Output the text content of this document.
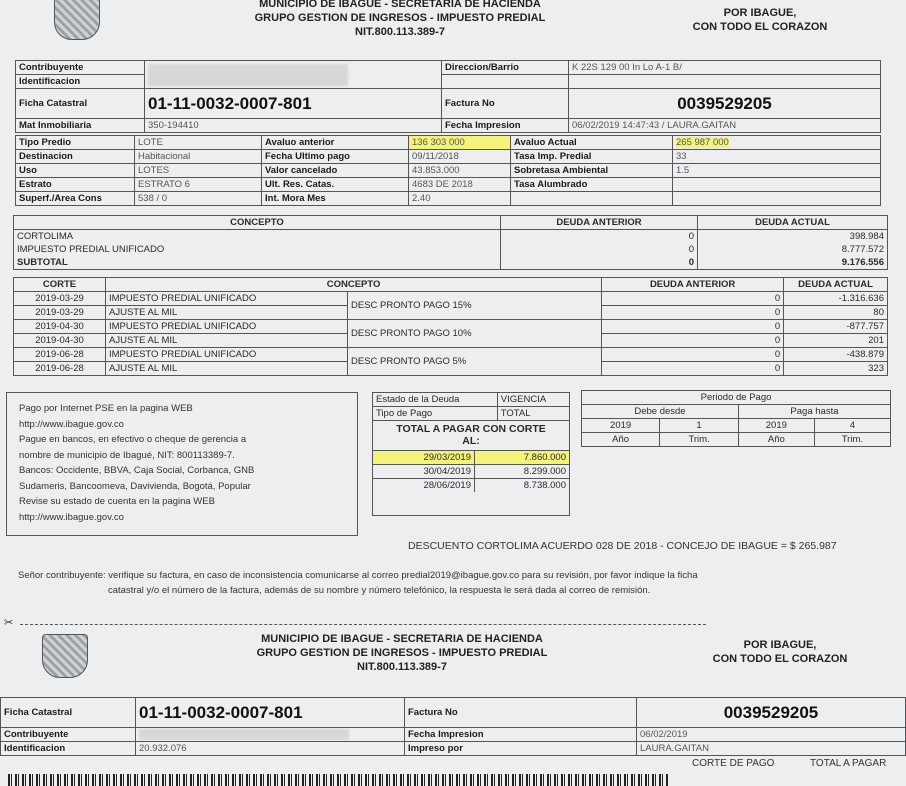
MUNICIPIO DE IBAGUE - SECRETARIA DE HACIENDA
GRUPO GESTION DE INGRESOS - IMPUESTO PREDIAL
NIT.800.113.389-7
POR IBAGUE,
CON TODO EL CORAZON
Contribuyente		Direccion/Barrio	K 22S 129 00 In Lo A-1 B/
Identificacion			
Ficha Catastral	01-11-0032-0007-801	Factura No	0039529205
Mat Inmobiliaria	350-194410	Fecha Impresion	06/02/2019 14:47:43 / LAURA.GAITAN
Tipo Predio	LOTE	Avaluo anterior	136 303 000	Avaluo Actual	265 987 000
Destinacion	Habitacional	Fecha Ultimo pago	09/11/2018	Tasa Imp. Predial	33
Uso	LOTES	Valor cancelado	43.853.000	Sobretasa Ambiental	1.5
Estrato	ESTRATO 6	Ult. Res. Catas.	4683 DE 2018	Tasa Alumbrado	
Superf./Area Cons	538 / 0	Int. Mora Mes	2.40		
CONCEPTO	DEUDA ANTERIOR	DEUDA ACTUAL
CORTOLIMA	0	398.984
IMPUESTO PREDIAL UNIFICADO	0	8.777.572
SUBTOTAL	0	9.176.556
CORTE	CONCEPTO		DEUDA ANTERIOR	DEUDA ACTUAL
2019-03-29	IMPUESTO PREDIAL UNIFICADO	DESC PRONTO PAGO 15%	0	-1.316.636
2019-03-29	AJUSTE AL MIL		0	80
2019-04-30	IMPUESTO PREDIAL UNIFICADO	DESC PRONTO PAGO 10%	0	-877.757
2019-04-30	AJUSTE AL MIL		0	201
2019-06-28	IMPUESTO PREDIAL UNIFICADO	DESC PRONTO PAGO 5%	0	-438.879
2019-06-28	AJUSTE AL MIL		0	323
Pago por Internet PSE en la pagina WEB
http://www.ibague.gov.co
Pague en bancos, en efectivo o cheque de gerencia a
nombre de municipio de Ibagué, NIT: 800113389-7.
Bancos: Occidente, BBVA, Caja Social, Corbanca, GNB
Sudameris, Bancoomeva, Davivienda, Bogotá, Popular
Revise su estado de cuenta en la pagina WEB
http://www.ibague.gov.co
Estado de la Deuda	VIGENCIA
Tipo de Pago	TOTAL
TOTAL A PAGAR CON CORTE
AL:
29/03/2019	7.860.000
30/04/2019	8.299.000
28/06/2019	8.738.000
Periodo de Pago			
Debe desde		Paga hasta	
2019	1	2019	4
Año	Trim.	Año	Trim.
DESCUENTO CORTOLIMA ACUERDO 028 DE 2018 - CONCEJO DE IBAGUE = $ 265.987
Señor contribuyente: verifique su factura, en caso de inconsistencia comunicarse al correo predial2019@ibague.gov.co para su revisión, por favor indique la ficha
catastral y/o el número de la factura, además de su nombre y número telefónico, la respuesta le será dada al correo de remisión.
✂
MUNICIPIO DE IBAGUE - SECRETARIA DE HACIENDA
GRUPO GESTION DE INGRESOS - IMPUESTO PREDIAL
NIT.800.113.389-7
POR IBAGUE,
CON TODO EL CORAZON
Ficha Catastral	01-11-0032-0007-801	Factura No	0039529205
Contribuyente		Fecha Impresion	06/02/2019
Identificacion	20.932.076	Impreso por	LAURA.GAITAN
CORTE DE PAGO	TOTAL A PAGAR
